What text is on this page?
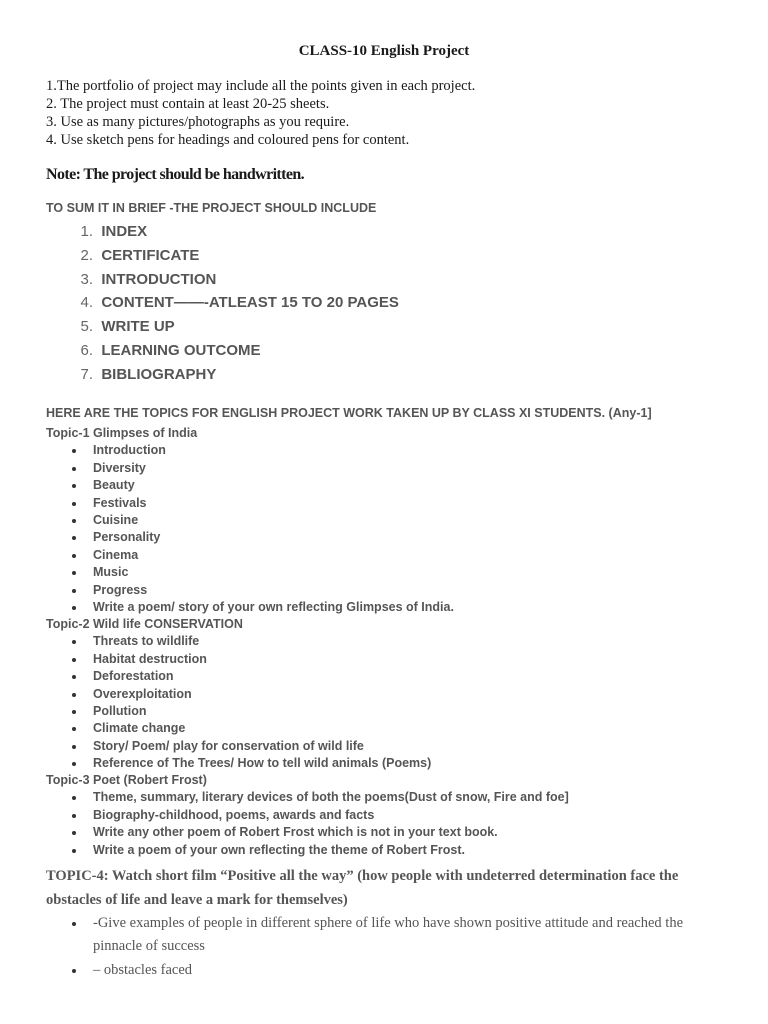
CLASS-10 English Project
1.The portfolio of project may include all the points given in each project.
2. The project must contain at least 20-25 sheets.
3. Use as many pictures/photographs as you require.
4. Use sketch pens for headings and coloured pens for content.
Note: The project should be handwritten.
TO SUM IT IN BRIEF -THE PROJECT SHOULD INCLUDE
1. INDEX
2. CERTIFICATE
3. INTRODUCTION
4. CONTENT——-ATLEAST 15 TO 20 PAGES
5. WRITE UP
6. LEARNING OUTCOME
7. BIBLIOGRAPHY
HERE ARE THE TOPICS FOR ENGLISH PROJECT WORK TAKEN UP BY CLASS XI STUDENTS. (Any-1]
Topic-1 Glimpses of India
Introduction
Diversity
Beauty
Festivals
Cuisine
Personality
Cinema
Music
Progress
Write a poem/ story of your own reflecting Glimpses of India.
Topic-2 Wild life CONSERVATION
Threats to wildlife
Habitat destruction
Deforestation
Overexploitation
Pollution
Climate change
Story/ Poem/ play for conservation of wild life
Reference of The Trees/ How to tell wild animals (Poems)
Topic-3 Poet (Robert Frost)
Theme, summary, literary devices of both the poems(Dust of snow, Fire and foe]
Biography-childhood, poems, awards and facts
Write any other poem of Robert Frost which is not in your text book.
Write a poem of your own reflecting the theme of Robert Frost.
TOPIC-4: Watch short film “Positive all the way” (how people with undeterred determination face the obstacles of life and leave a mark for themselves)
-Give examples of people in different sphere of life who have shown positive attitude and reached the pinnacle of success
– obstacles faced
